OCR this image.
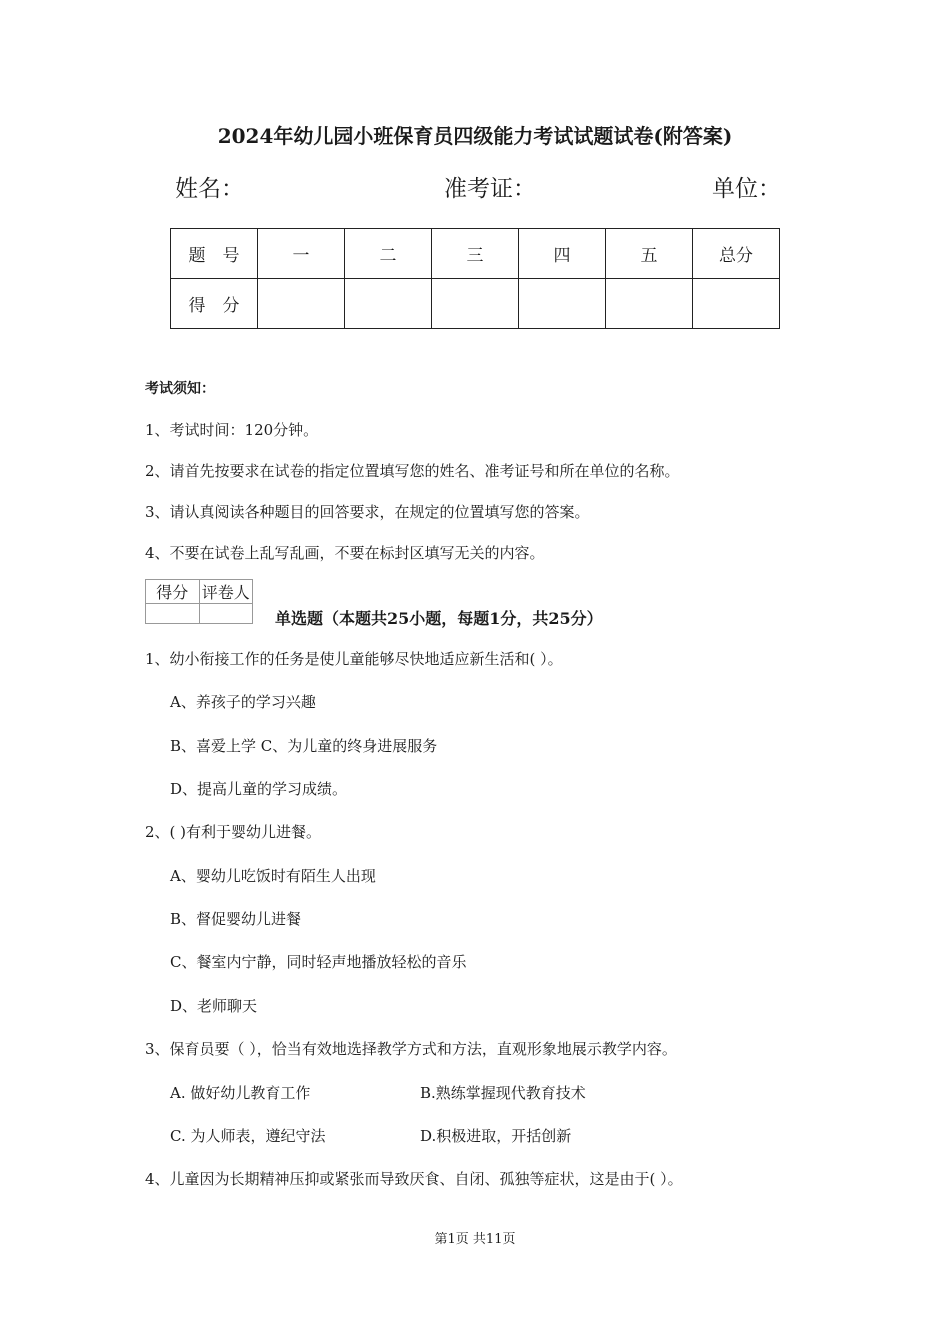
2024年幼儿园小班保育员四级能力考试试题试卷(附答案)
姓名：	准考证：	单位：
题　号	一	二	三	四	五	总分
得　分						
考试须知：
1、考试时间：120分钟。
2、请首先按要求在试卷的指定位置填写您的姓名、准考证号和所在单位的名称。
3、请认真阅读各种题目的回答要求，在规定的位置填写您的答案。
4、不要在试卷上乱写乱画，不要在标封区填写无关的内容。
得分	评卷人

单选题（本题共25小题，每题1分，共25分）
1、幼小衔接工作的任务是使儿童能够尽快地适应新生活和( ）。
A、养孩子的学习兴趣
B、喜爱上学 C、为儿童的终身进展服务
D、提高儿童的学习成绩。
2、( )有利于婴幼儿进餐。
A、婴幼儿吃饭时有陌生人出现
B、督促婴幼儿进餐
C、餐室内宁静，同时轻声地播放轻松的音乐
D、老师聊天
3、保育员要（ ），恰当有效地选择教学方式和方法，直观形象地展示教学内容。
A. 做好幼儿教育工作	B.熟练掌握现代教育技术
C. 为人师表，遵纪守法	D.积极进取，开括创新
4、儿童因为长期精神压抑或紧张而导致厌食、自闭、孤独等症状，这是由于( ）。
第1页 共11页
